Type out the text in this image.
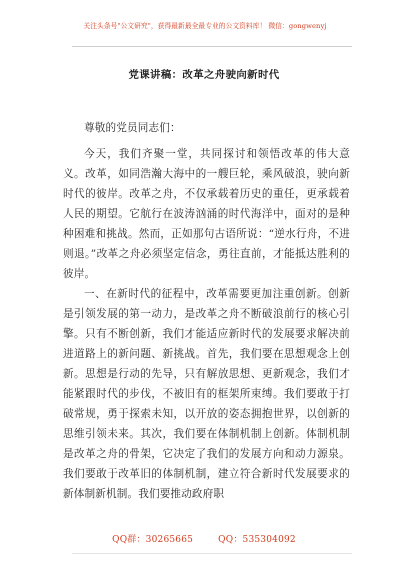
关注头条号"公文研究"，获得最新最全最专业的公文资料库！ 微信：gongwenyj
党课讲稿：改革之舟驶向新时代

尊敬的党员同志们：

今天，我们齐聚一堂，共同探讨和领悟改革的伟大意义。改革，如同浩瀚大海中的一艘巨轮，乘风破浪，驶向新时代的彼岸。改革之舟，不仅承载着历史的重任，更承载着人民的期望。它航行在波涛汹涌的时代海洋中，面对的是种种困难和挑战。然而，正如那句古语所说：“逆水行舟，不进则退。”改革之舟必须坚定信念，勇往直前，才能抵达胜利的彼岸。

一、在新时代的征程中，改革需要更加注重创新。创新是引领发展的第一动力，是改革之舟不断破浪前行的核心引擎。只有不断创新，我们才能适应新时代的发展要求解决前进道路上的新问题、新挑战。首先，我们要在思想观念上创新。思想是行动的先导，只有解放思想、更新观念，我们才能紧跟时代的步伐，不被旧有的框架所束缚。我们要敢于打破常规，勇于探索未知，以开放的姿态拥抱世界，以创新的思维引领未来。其次，我们要在体制机制上创新。体制机制是改革之舟的骨架，它决定了我们的发展方向和动力源泉。我们要敢于改革旧的体制机制，建立符合新时代发展要求的新体制新机制。我们要推动政府职

QQ群：30265665	QQ：535304092
